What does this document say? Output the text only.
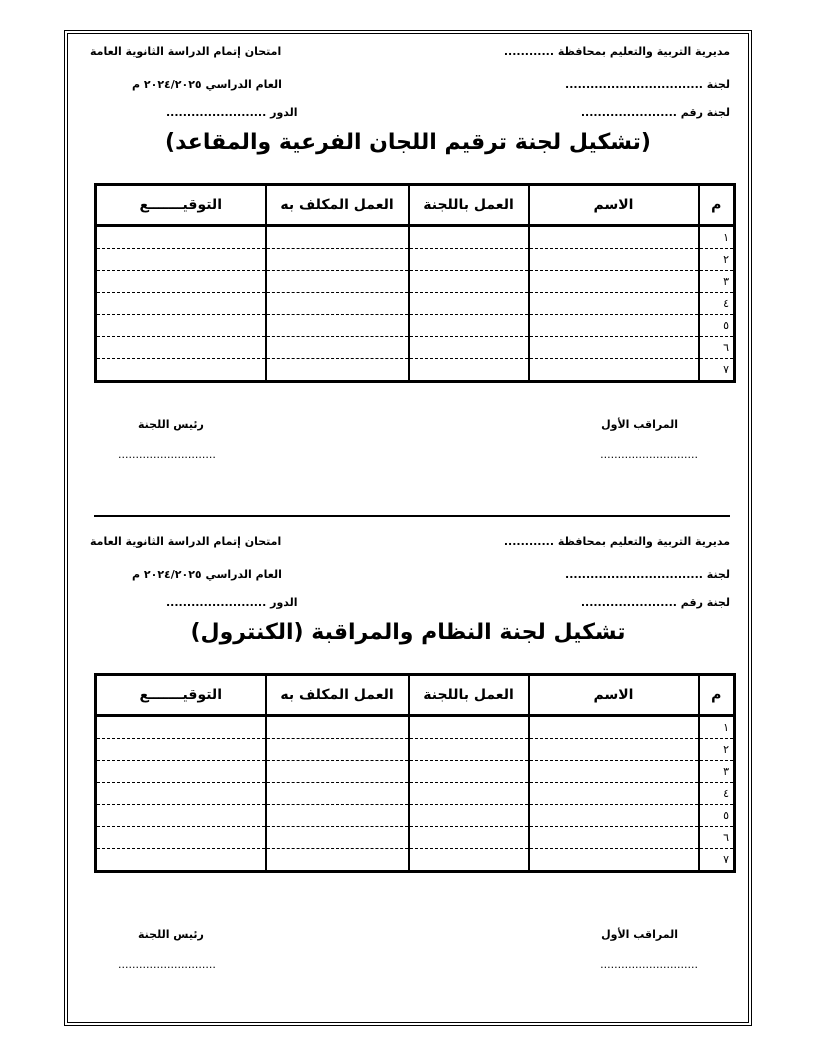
مديرية التربية والتعليم بمحافظة ............
لجنة .................................
لجنة رقم .......................
امتحان إتمام الدراسة الثانوية العامة
العام الدراسي ٢٠٢٤/٢٠٢٥ م
الدور ........................
(تشكيل لجنة ترقيم اللجان الفرعية والمقاعد)
م	الاسم	العمل باللجنة	العمل المكلف به	التوقيـــــــع
١				
٢				
٣				
٤				
٥				
٦				
٧				
المراقب الأول
رئيس اللجنة
............................
............................
مديرية التربية والتعليم بمحافظة ............
لجنة .................................
لجنة رقم .......................
امتحان إتمام الدراسة الثانوية العامة
العام الدراسي ٢٠٢٤/٢٠٢٥ م
الدور ........................
تشكيل لجنة النظام والمراقبة (الكنترول)
م	الاسم	العمل باللجنة	العمل المكلف به	التوقيـــــــع
١				
٢				
٣				
٤				
٥				
٦				
٧				
المراقب الأول
رئيس اللجنة
............................
............................
